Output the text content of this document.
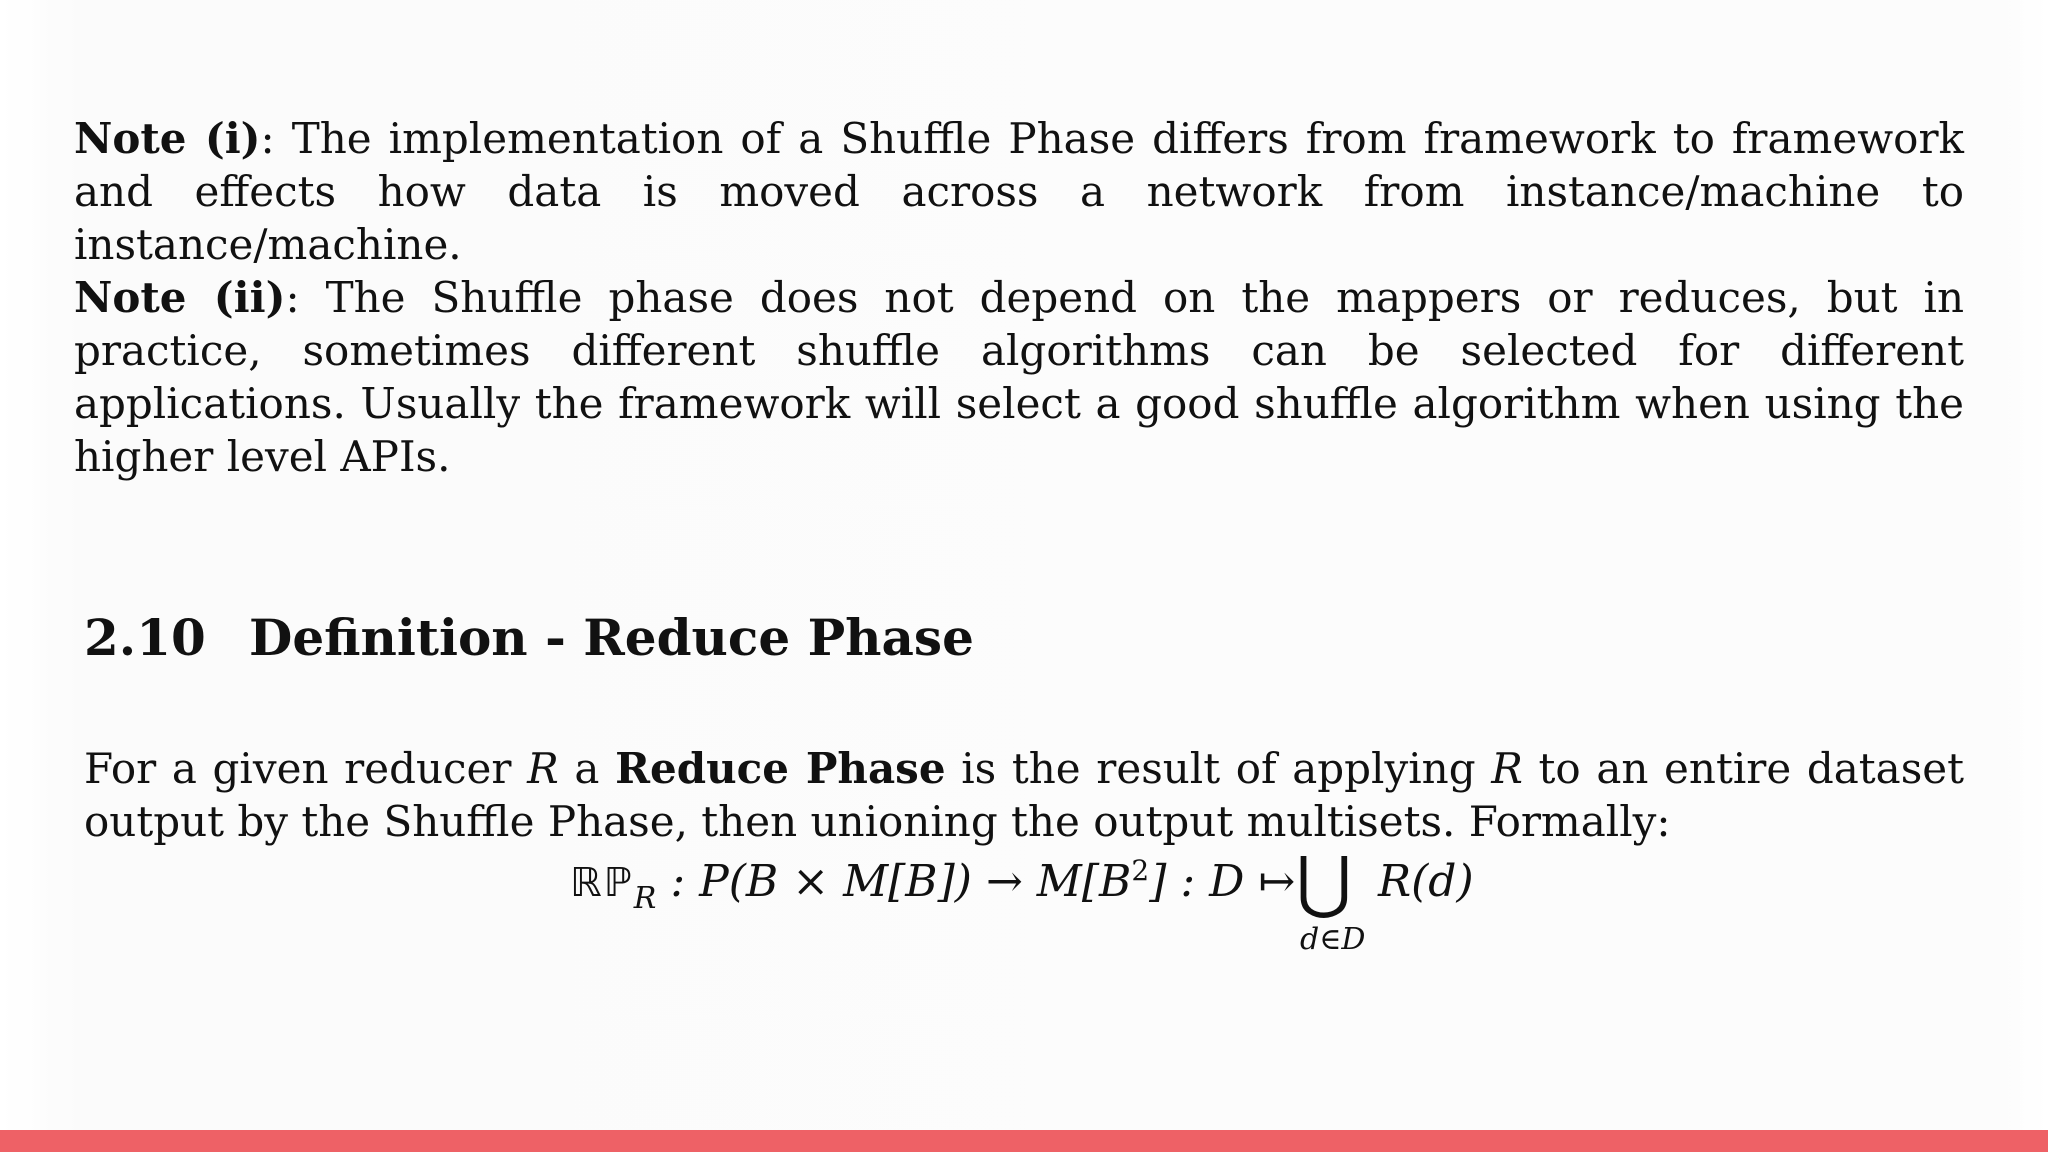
Note (i): The implementation of a Shuffle Phase differs from framework to framework and effects how data is moved across a network from instance/machine to instance/machine.

Note (ii): The Shuffle phase does not depend on the mappers or reduces, but in practice, sometimes different shuffle algorithms can be selected for different applications. Usually the framework will select a good shuffle algorithm when using the higher level APIs.

2.10 Definition - Reduce Phase

For a given reducer R a Reduce Phase is the result of applying R to an entire dataset output by the Shuffle Phase, then unioning the output multisets. Formally:

ℝℙ$_R$ : $P(B \times M[B]) \to M[B^2]$ : D ↦ ⋃
d∈D
R(d)
